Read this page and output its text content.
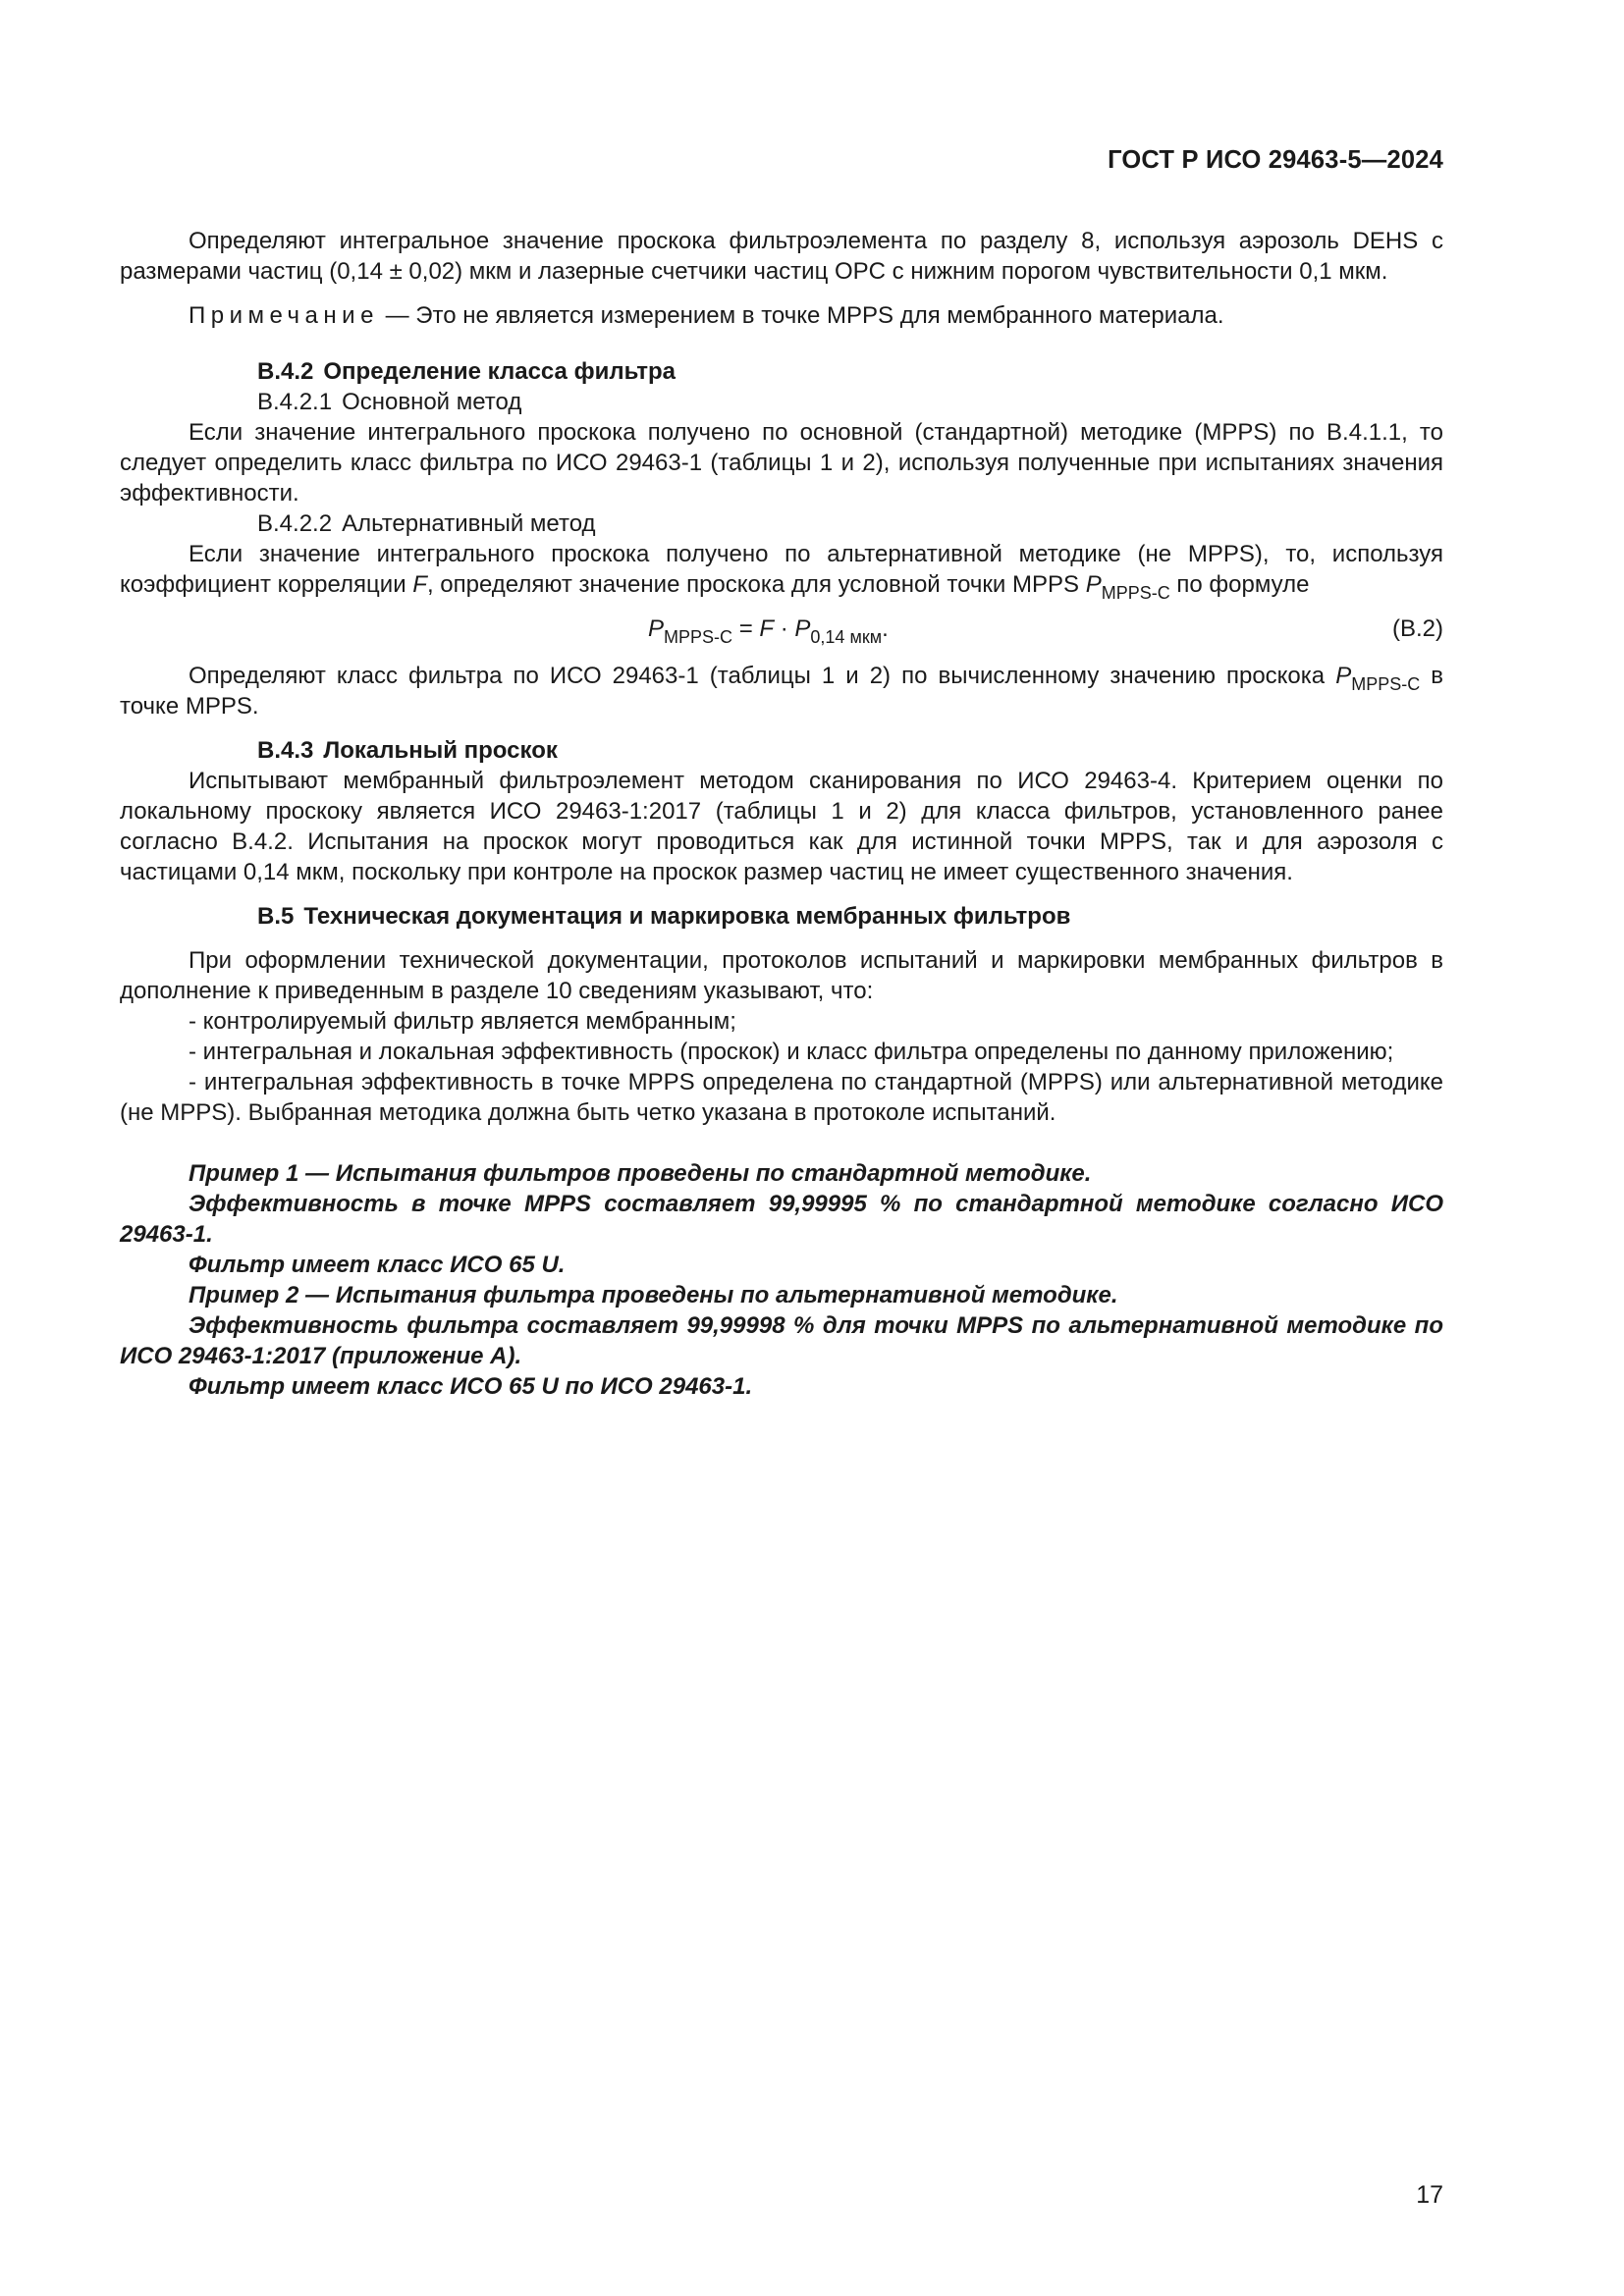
ГОСТ Р ИСО 29463-5—2024

Определяют интегральное значение проскока фильтроэлемента по разделу 8, используя аэрозоль DEHS с размерами частиц (0,14 ± 0,02) мкм и лазерные счетчики частиц OPC с нижним порогом чувствительности 0,1 мкм.

Примечание — Это не является измерением в точке MPPS для мембранного материала.

В.4.2 Определение класса фильтра

В.4.2.1 Основной метод

Если значение интегрального проскока получено по основной (стандартной) методике (MPPS) по В.4.1.1, то следует определить класс фильтра по ИСО 29463-1 (таблицы 1 и 2), используя полученные при испытаниях значения эффективности.

В.4.2.2 Альтернативный метод

Если значение интегрального проскока получено по альтернативной методике (не MPPS), то, используя коэффициент корреляции F, определяют значение проскока для условной точки MPPS $P_{MPPS-C}$ по формуле

$P_{MPPS-C} = F \cdot P_{0,14 мкм}$.	(В.2)

Определяют класс фильтра по ИСО 29463-1 (таблицы 1 и 2) по вычисленному значению проскока $P_{MPPS-C}$ в точке MPPS.

В.4.3 Локальный проскок

Испытывают мембранный фильтроэлемент методом сканирования по ИСО 29463-4. Критерием оценки по локальному проскоку является ИСО 29463-1:2017 (таблицы 1 и 2) для класса фильтров, установленного ранее согласно В.4.2. Испытания на проскок могут проводиться как для истинной точки MPPS, так и для аэрозоля с частицами 0,14 мкм, поскольку при контроле на проскок размер частиц не имеет существенного значения.

В.5 Техническая документация и маркировка мембранных фильтров

При оформлении технической документации, протоколов испытаний и маркировки мембранных фильтров в дополнение к приведенным в разделе 10 сведениям указывают, что:

- контролируемый фильтр является мембранным;

- интегральная и локальная эффективность (проскок) и класс фильтра определены по данному приложению;

- интегральная эффективность в точке MPPS определена по стандартной (MPPS) или альтернативной методике (не MPPS). Выбранная методика должна быть четко указана в протоколе испытаний.

Пример 1 — Испытания фильтров проведены по стандартной методике.

Эффективность в точке MPPS составляет 99,99995 % по стандартной методике согласно ИСО 29463-1.

Фильтр имеет класс ИСО 65 U.

Пример 2 — Испытания фильтра проведены по альтернативной методике.

Эффективность фильтра составляет 99,99998 % для точки MPPS по альтернативной методике по ИСО 29463-1:2017 (приложение А).

Фильтр имеет класс ИСО 65 U по ИСО 29463-1.

17
